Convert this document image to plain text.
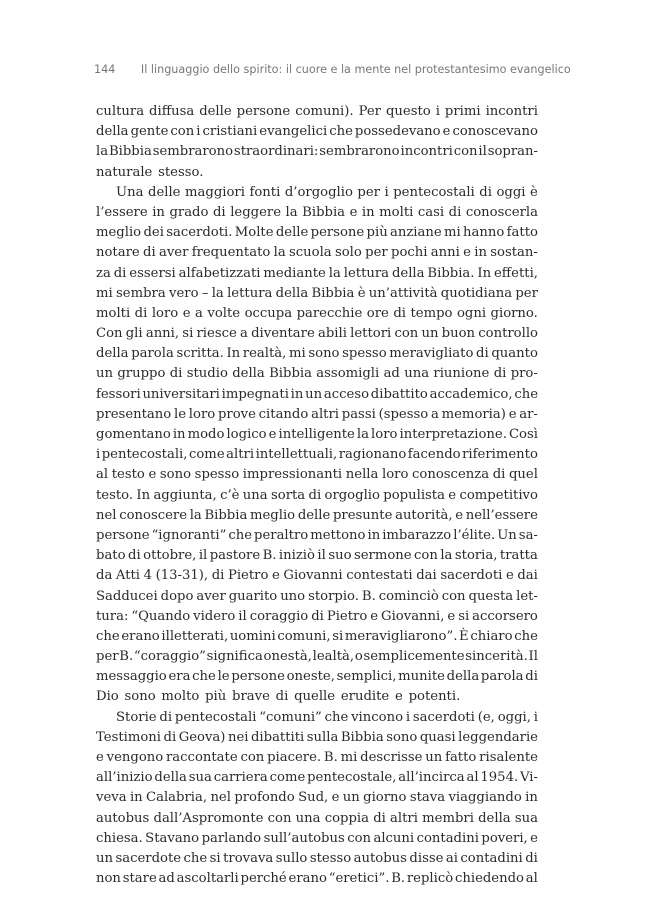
144 Il linguaggio dello spirito: il cuore e la mente nel protestantesimo evangelico
cultura diffusa delle persone comuni). Per questo i primi incontri
della gente con i cristiani evangelici che possedevano e conoscevano
la Bibbia sembrarono straordinari: sembrarono incontri con il sopran-
naturale stesso.
Una delle maggiori fonti d’orgoglio per i pentecostali di oggi è
l’essere in grado di leggere la Bibbia e in molti casi di conoscerla
meglio dei sacerdoti. Molte delle persone più anziane mi hanno fatto
notare di aver frequentato la scuola solo per pochi anni e in sostan-
za di essersi alfabetizzati mediante la lettura della Bibbia. In effetti,
mi sembra vero – la lettura della Bibbia è un’attività quotidiana per
molti di loro e a volte occupa parecchie ore di tempo ogni giorno.
Con gli anni, si riesce a diventare abili lettori con un buon controllo
della parola scritta. In realtà, mi sono spesso meravigliato di quanto
un gruppo di studio della Bibbia assomigli ad una riunione di pro-
fessori universitari impegnati in un acceso dibattito accademico, che
presentano le loro prove citando altri passi (spesso a memoria) e ar-
gomentano in modo logico e intelligente la loro interpretazione. Così
i pentecostali, come altri intellettuali, ragionano facendo riferimento
al testo e sono spesso impressionanti nella loro conoscenza di quel
testo. In aggiunta, c’è una sorta di orgoglio populista e competitivo
nel conoscere la Bibbia meglio delle presunte autorità, e nell’essere
persone “ignoranti” che peraltro mettono in imbarazzo l’élite. Un sa-
bato di ottobre, il pastore B. iniziò il suo sermone con la storia, tratta
da Atti 4 (13-31), di Pietro e Giovanni contestati dai sacerdoti e dai
Sadducei dopo aver guarito uno storpio. B. cominciò con questa let-
tura: “Quando videro il coraggio di Pietro e Giovanni, e si accorsero
che erano illetterati, uomini comuni, si meravigliarono”. È chiaro che
per B. “coraggio” significa onestà, lealtà, o semplicemente sincerità. Il
messaggio era che le persone oneste, semplici, munite della parola di
Dio sono molto più brave di quelle erudite e potenti.
Storie di pentecostali “comuni” che vincono i sacerdoti (e, oggi, i
Testimoni di Geova) nei dibattiti sulla Bibbia sono quasi leggendarie
e vengono raccontate con piacere. B. mi descrisse un fatto risalente
all’inizio della sua carriera come pentecostale, all’incirca al 1954. Vi-
veva in Calabria, nel profondo Sud, e un giorno stava viaggiando in
autobus dall’Aspromonte con una coppia di altri membri della sua
chiesa. Stavano parlando sull’autobus con alcuni contadini poveri, e
un sacerdote che si trovava sullo stesso autobus disse ai contadini di
non stare ad ascoltarli perché erano “eretici”. B. replicò chiedendo al
